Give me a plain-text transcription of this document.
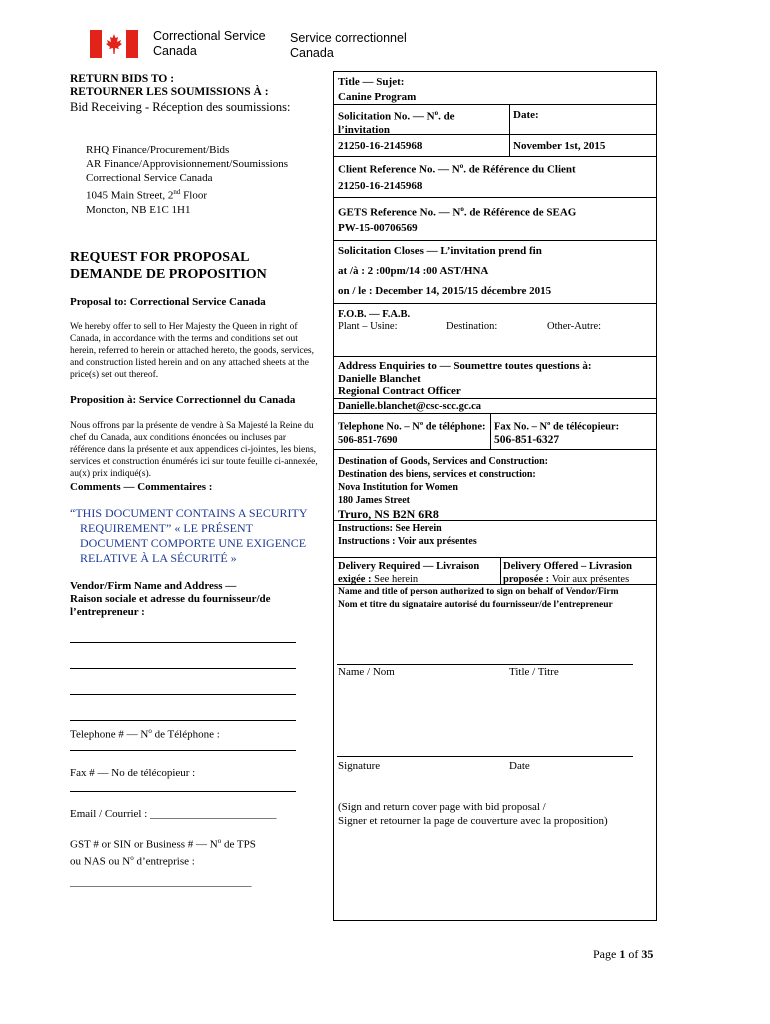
Correctional Service
Canada
Service correctionnel
Canada
RETURN BIDS TO :
RETOURNER LES SOUMISSIONS À :
Bid Receiving - Réception des soumissions:
RHQ Finance/Procurement/Bids
AR Finance/Approvisionnement/Soumissions
Correctional Service Canada
1045 Main Street, 2nd Floor
Moncton, NB E1C 1H1
REQUEST FOR PROPOSAL
DEMANDE DE PROPOSITION
Proposal to: Correctional Service Canada
We hereby offer to sell to Her Majesty the Queen in right of Canada, in accordance with the terms and conditions set out herein, referred to herein or attached hereto, the goods, services, and construction listed herein and on any attached sheets at the price(s) set out thereof.
Proposition à: Service Correctionnel du Canada
Nous offrons par la présente de vendre à Sa Majesté la Reine du chef du Canada, aux conditions énoncées ou incluses par référence dans la présente et aux appendices ci-jointes, les biens, services et construction énumérés ici sur toute feuille ci-annexée, au(x) prix indiqué(s).
Comments — Commentaires :
“THIS DOCUMENT CONTAINS A SECURITY
REQUIREMENT” « LE PRÉSENT
DOCUMENT COMPORTE UNE EXIGENCE
RELATIVE À LA SÉCURITÉ »
Vendor/Firm Name and Address —
Raison sociale et adresse du fournisseur/de
l’entrepreneur :
Telephone # — $N^o$ de Téléphone :
Fax # — No de télécopieur :
Email / Courriel : _______________________
GST # or SIN or Business # — $N^o$ de TPS
ou NAS ou $N^o$ d’entreprise :
_________________________________
Title — Sujet:
Canine Program
Solicitation No. — $N^o$. de
l’invitation
Date:
21250-16-2145968	November 1st, 2015
Client Reference No. — $N^o$. de Référence du Client
21250-16-2145968
GETS Reference No. — $N^o$. de Référence de SEAG
PW-15-00706569
Solicitation Closes — L’invitation prend fin
at /à : 2 :00pm/14 :00 AST/HNA
on / le : December 14, 2015/15 décembre 2015
F.O.B. — F.A.B.
Plant – Usine:	Destination:	Other-Autre:
Address Enquiries to — Soumettre toutes questions à:
Danielle Blanchet
Regional Contract Officer
Danielle.blanchet@csc-scc.gc.ca
Telephone No. – $N^o$ de téléphone:
506-851-7690
Fax No. – $N^o$ de télécopieur:
506-851-6327
Destination of Goods, Services and Construction:
Destination des biens, services et construction:
Nova Institution for Women
180 James Street
Truro, NS B2N 6R8
Instructions: See Herein
Instructions : Voir aux présentes
Delivery Required — Livraison
exigée : See herein
Delivery Offered – Livrasion
proposée : Voir aux présentes
Name and title of person authorized to sign on behalf of Vendor/Firm
Nom et titre du signataire autorisé du fournisseur/de l’entrepreneur
Name / Nom	Title / Titre
Signature	Date
(Sign and return cover page with bid proposal /
Signer et retourner la page de couverture avec la proposition)
Page 1 of 35
